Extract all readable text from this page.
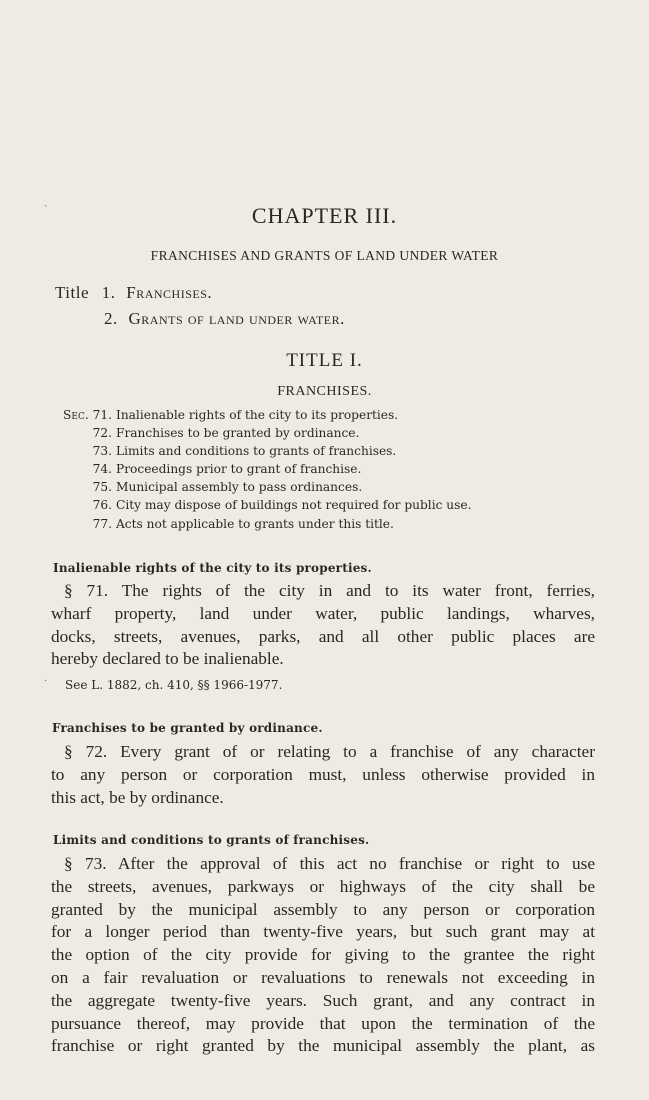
CHAPTER III.
FRANCHISES AND GRANTS OF LAND UNDER WATER
Title 1. Franchises.
2. Grants of land under water.
TITLE I.
FRANCHISES.
Sec. 71. Inalienable rights of the city to its properties.
72. Franchises to be granted by ordinance.
73. Limits and conditions to grants of franchises.
74. Proceedings prior to grant of franchise.
75. Municipal assembly to pass ordinances.
76. City may dispose of buildings not required for public use.
77. Acts not applicable to grants under this title.
Inalienable rights of the city to its properties.
§ 71. The rights of the city in and to its water front, ferries,
wharf property, land under water, public landings, wharves,
docks, streets, avenues, parks, and all other public places are
hereby declared to be inalienable.
See L. 1882, ch. 410, §§ 1966-1977.
Franchises to be granted by ordinance.
§ 72. Every grant of or relating to a franchise of any character
to any person or corporation must, unless otherwise provided in
this act, be by ordinance.
Limits and conditions to grants of franchises.
§ 73. After the approval of this act no franchise or right to use
the streets, avenues, parkways or highways of the city shall be
granted by the municipal assembly to any person or corporation
for a longer period than twenty-five years, but such grant may at
the option of the city provide for giving to the grantee the right
on a fair revaluation or revaluations to renewals not exceeding in
the aggregate twenty-five years. Such grant, and any contract in
pursuance thereof, may provide that upon the termination of the
franchise or right granted by the municipal assembly the plant, as
˴
·
